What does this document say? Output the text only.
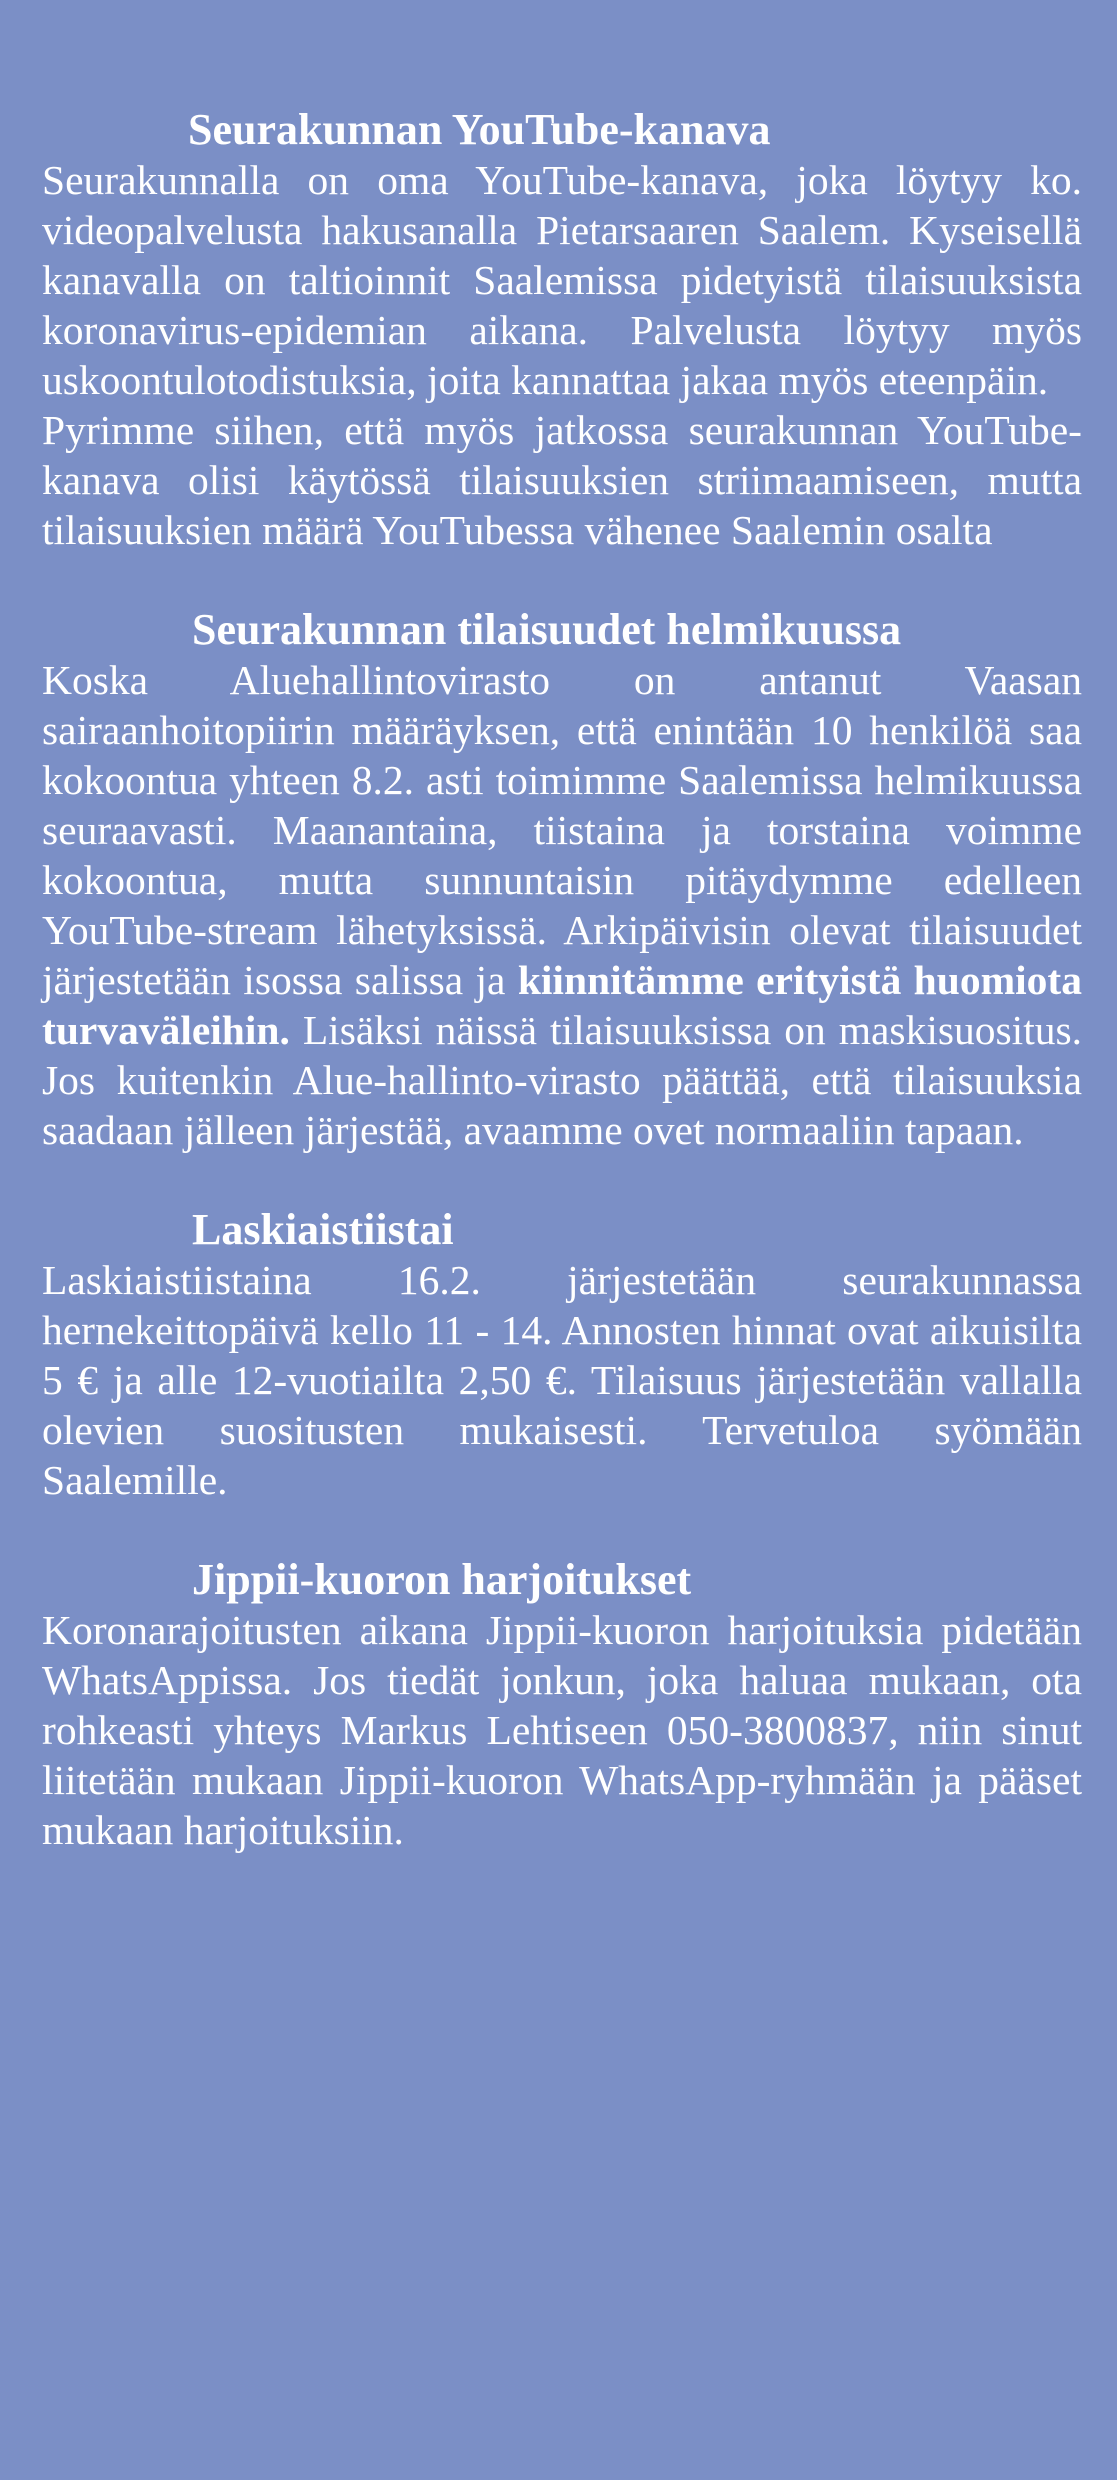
Seurakunnan YouTube-kanava

Seurakunnalla on oma YouTube-kanava, joka löytyy ko. videopalvelusta hakusanalla Pietarsaaren Saalem. Kyseisellä kanavalla on taltioinnit Saalemissa pidetyistä tilaisuuksista koronavirus-epidemian aikana. Palvelusta löytyy myös uskoontulotodistuksia, joita kannattaa jakaa myös eteenpäin.

Pyrimme siihen, että myös jatkossa seurakunnan YouTube-kanava olisi käytössä tilaisuuksien striimaamiseen, mutta tilaisuuksien määrä YouTubessa vähenee Saalemin osalta

Seurakunnan tilaisuudet helmikuussa

Koska Aluehallintovirasto on antanut Vaasan sairaanhoitopiirin määräyksen, että enintään 10 henkilöä saa kokoontua yhteen 8.2. asti toimimme Saalemissa helmikuussa seuraavasti. Maanantaina, tiistaina ja torstaina voimme kokoontua, mutta sunnuntaisin pitäydymme edelleen YouTube-stream lähetyksissä. Arkipäivisin olevat tilaisuudet järjestetään isossa salissa ja kiinnitämme erityistä huomiota turvaväleihin. Lisäksi näissä tilaisuuksissa on maskisuositus. Jos kuitenkin Alue-hallinto-virasto päättää, että tilaisuuksia saadaan jälleen järjestää, avaamme ovet normaaliin tapaan.

Laskiaistiistai

Laskiaistiistaina 16.2. järjestetään seurakunnassa hernekeittopäivä kello 11 - 14. Annosten hinnat ovat aikuisilta 5 € ja alle 12-vuotiailta 2,50 €. Tilaisuus järjestetään vallalla olevien suositusten mukaisesti. Tervetuloa syömään Saalemille.

Jippii-kuoron harjoitukset

Koronarajoitusten aikana Jippii-kuoron harjoituksia pidetään WhatsAppissa. Jos tiedät jonkun, joka haluaa mukaan, ota rohkeasti yhteys Markus Lehtiseen 050-3800837, niin sinut liitetään mukaan Jippii-kuoron WhatsApp-ryhmään ja pääset mukaan harjoituksiin.
